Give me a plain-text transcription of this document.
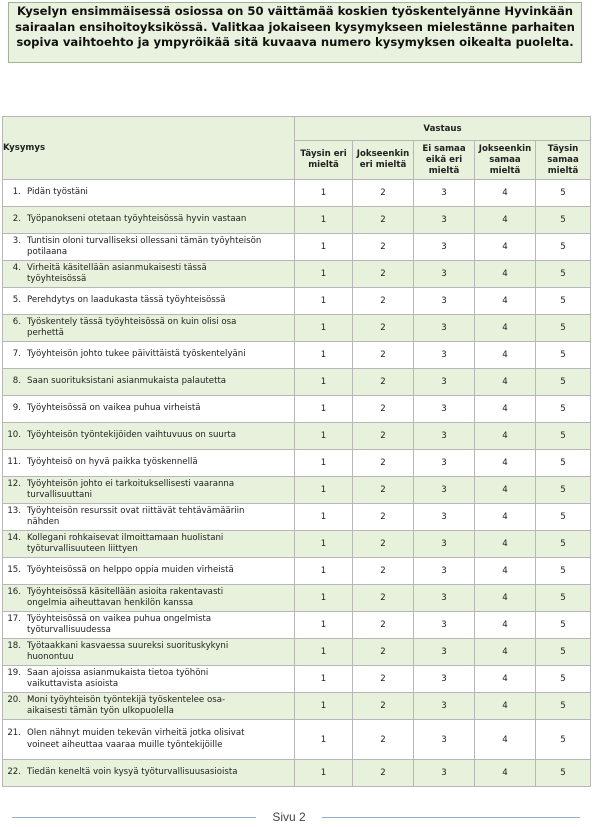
Kyselyn ensimmäisessä osiossa on 50 väittämää koskien työskentelyänne Hyvinkään sairaalan ensihoitoyksikössä. Valitkaa jokaiseen kysymykseen mielestänne parhaiten sopiva vaihtoehto ja ympyröikää sitä kuvaava numero kysymyksen oikealta puolelta.
Kysymys	Vastaus				
	Täysin eri mieltä	Jokseenkin eri mieltä	Ei samaa eikä eri mieltä	Jokseenkin samaa mieltä	Täysin samaa mieltä
1. Pidän työstäni	1	2	3	4	5
2. Työpanokseni otetaan työyhteisössä hyvin vastaan	1	2	3	4	5
3. Tuntisin oloni turvalliseksi ollessani tämän työyhteisön potilaana	1	2	3	4	5
4. Virheitä käsitellään asianmukaisesti tässä työyhteisössä	1	2	3	4	5
5. Perehdytys on laadukasta tässä työyhteisössä	1	2	3	4	5
6. Työskentely tässä työyhteisössä on kuin olisi osa perhettä	1	2	3	4	5
7. Työyhteisön johto tukee päivittäistä työskentelyäni	1	2	3	4	5
8. Saan suorituksistani asianmukaista palautetta	1	2	3	4	5
9. Työyhteisössä on vaikea puhua virheistä	1	2	3	4	5
10. Työyhteisön työntekijöiden vaihtuvuus on suurta	1	2	3	4	5
11. Työyhteisö on hyvä paikka työskennellä	1	2	3	4	5
12. Työyhteisön johto ei tarkoituksellisesti vaaranna turvallisuuttani	1	2	3	4	5
13. Työyhteisön resurssit ovat riittävät tehtävämääriin nähden	1	2	3	4	5
14. Kollegani rohkaisevat ilmoittamaan huolistani työturvallisuuteen liittyen	1	2	3	4	5
15. Työyhteisössä on helppo oppia muiden virheistä	1	2	3	4	5
16. Työyhteisössä käsitellään asioita rakentavasti ongelmia aiheuttavan henkilön kanssa	1	2	3	4	5
17. Työyhteisössä on vaikea puhua ongelmista työturvallisuudessa	1	2	3	4	5
18. Työtaakkani kasvaessa suureksi suorituskykyni huonontuu	1	2	3	4	5
19. Saan ajoissa asianmukaista tietoa työhöni vaikuttavista asioista	1	2	3	4	5
20. Moni työyhteisön työntekijä työskentelee osa-aikaisesti tämän työn ulkopuolella	1	2	3	4	5
21. Olen nähnyt muiden tekevän virheitä jotka olisivat voineet aiheuttaa vaaraa muille työntekijöille	1	2	3	4	5
22. Tiedän keneltä voin kysyä työturvallisuusasioista	1	2	3	4	5
Sivu 2
